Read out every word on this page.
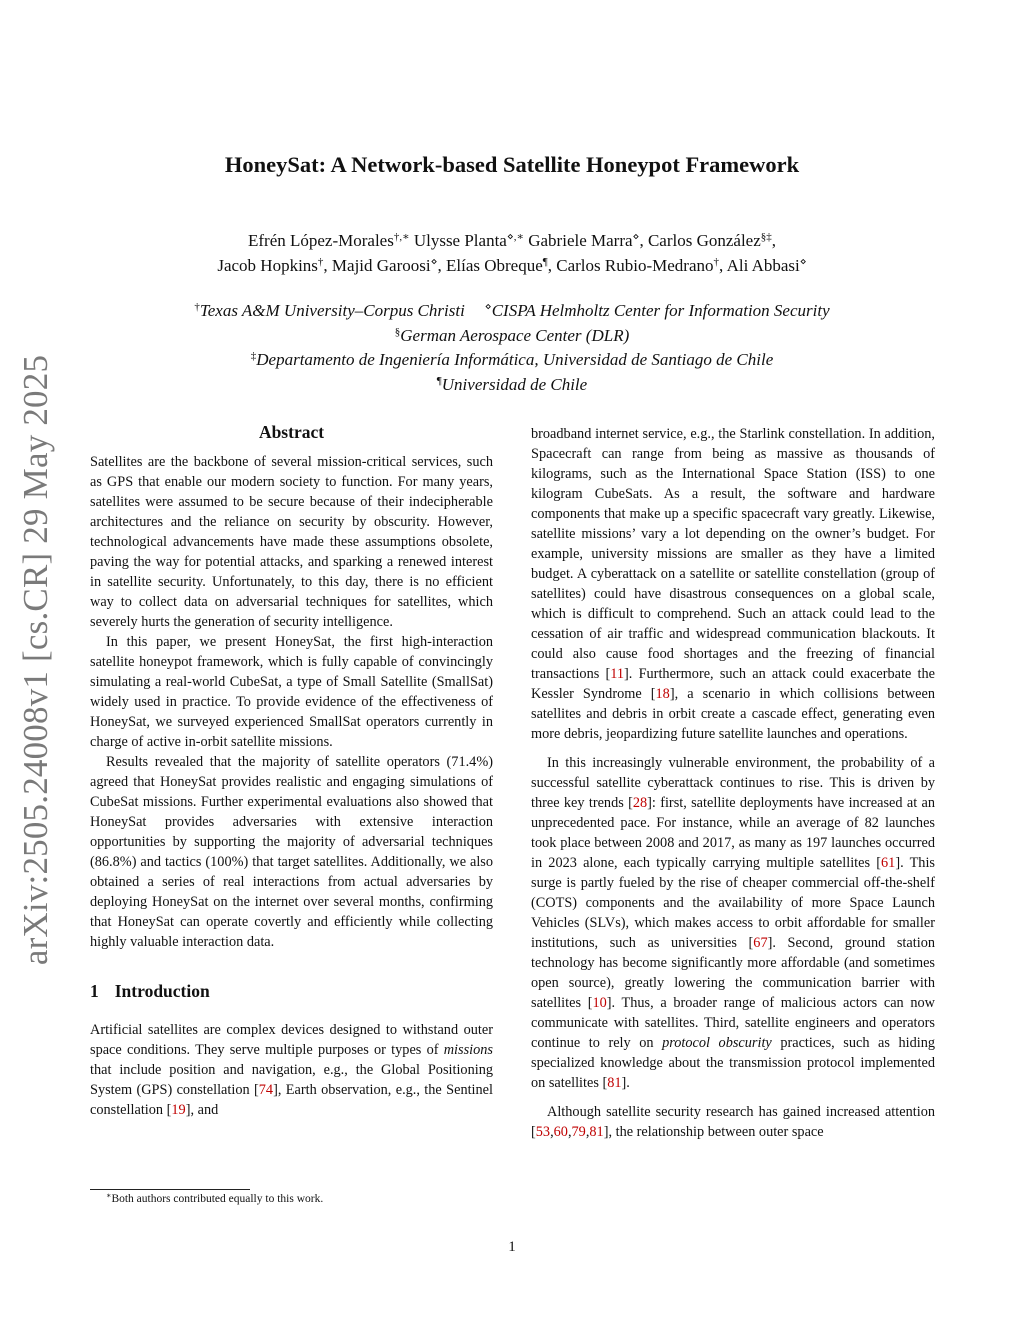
arXiv:2505.24008v1 [cs.CR] 29 May 2025
HoneySat: A Network-based Satellite Honeypot Framework
Efrén López-Morales†,∗ Ulysse Planta⋄,∗ Gabriele Marra⋄, Carlos González§‡,
Jacob Hopkins†, Majid Garoosi⋄, Elías Obreque¶, Carlos Rubio-Medrano†, Ali Abbasi⋄
†Texas A&M University–Corpus Christi ⋄CISPA Helmholtz Center for Information Security
§German Aerospace Center (DLR)
‡Departamento de Ingeniería Informática, Universidad de Santiago de Chile
¶Universidad de Chile
Abstract

Satellites are the backbone of several mission-critical services, such as GPS that enable our modern society to function. For many years, satellites were assumed to be secure because of their indecipherable architectures and the reliance on security by obscurity. However, technological advancements have made these assumptions obsolete, paving the way for potential attacks, and sparking a renewed interest in satellite security. Unfortunately, to this day, there is no efficient way to collect data on adversarial techniques for satellites, which severely hurts the generation of security intelligence.

In this paper, we present HoneySat, the first high-interaction satellite honeypot framework, which is fully capable of convincingly simulating a real-world CubeSat, a type of Small Satellite (SmallSat) widely used in practice. To provide evidence of the effectiveness of HoneySat, we surveyed experienced SmallSat operators currently in charge of active in-orbit satellite missions.

Results revealed that the majority of satellite operators (71.4%) agreed that HoneySat provides realistic and engaging simulations of CubeSat missions. Further experimental evaluations also showed that HoneySat provides adversaries with extensive interaction opportunities by supporting the majority of adversarial techniques (86.8%) and tactics (100%) that target satellites. Additionally, we also obtained a series of real interactions from actual adversaries by deploying HoneySat on the internet over several months, confirming that HoneySat can operate covertly and efficiently while collecting highly valuable interaction data.

1 Introduction

Artificial satellites are complex devices designed to withstand outer space conditions. They serve multiple purposes or types of missions that include position and navigation, e.g., the Global Positioning System (GPS) constellation [74], Earth observation, e.g., the Sentinel constellation [19], and

broadband internet service, e.g., the Starlink constellation. In addition, Spacecraft can range from being as massive as thousands of kilograms, such as the International Space Station (ISS) to one kilogram CubeSats. As a result, the software and hardware components that make up a specific spacecraft vary greatly. Likewise, satellite missions’ vary a lot depending on the owner’s budget. For example, university missions are smaller as they have a limited budget. A cyberattack on a satellite or satellite constellation (group of satellites) could have disastrous consequences on a global scale, which is difficult to comprehend. Such an attack could lead to the cessation of air traffic and widespread communication blackouts. It could also cause food shortages and the freezing of financial transactions [11]. Furthermore, such an attack could exacerbate the Kessler Syndrome [18], a scenario in which collisions between satellites and debris in orbit create a cascade effect, generating even more debris, jeopardizing future satellite launches and operations.

In this increasingly vulnerable environment, the probability of a successful satellite cyberattack continues to rise. This is driven by three key trends [28]: first, satellite deployments have increased at an unprecedented pace. For instance, while an average of 82 launches took place between 2008 and 2017, as many as 197 launches occurred in 2023 alone, each typically carrying multiple satellites [61]. This surge is partly fueled by the rise of cheaper commercial off-the-shelf (COTS) components and the availability of more Space Launch Vehicles (SLVs), which makes access to orbit affordable for smaller institutions, such as universities [67]. Second, ground station technology has become significantly more affordable (and sometimes open source), greatly lowering the communication barrier with satellites [10]. Thus, a broader range of malicious actors can now communicate with satellites. Third, satellite engineers and operators continue to rely on protocol obscurity practices, such as hiding specialized knowledge about the transmission protocol implemented on satellites [81].

Although satellite security research has gained increased attention [53,60,79,81], the relationship between outer space

∗Both authors contributed equally to this work.
1
